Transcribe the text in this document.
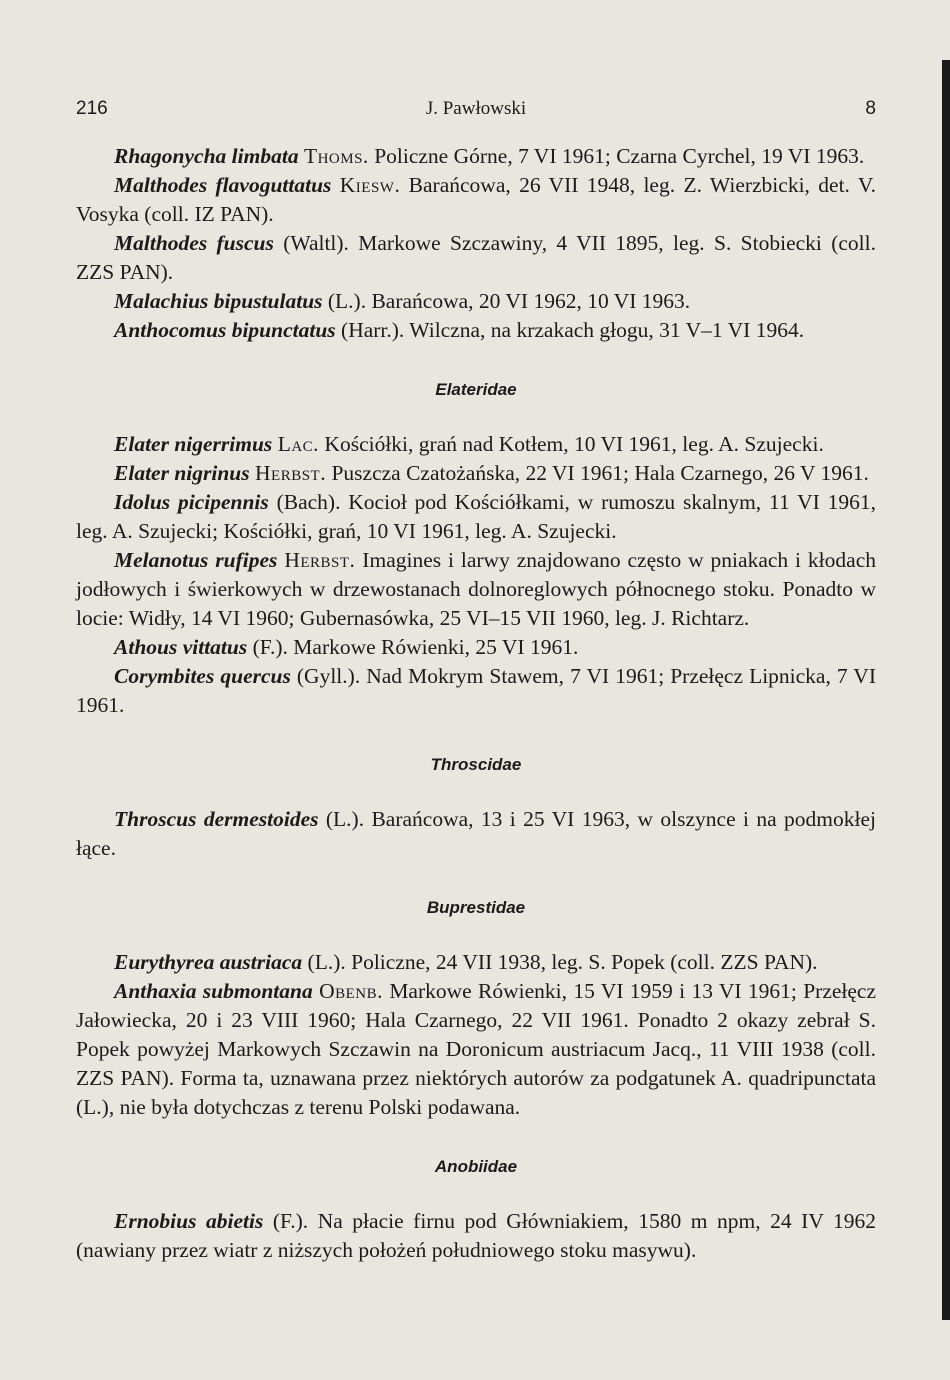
216	J. Pawłowski	8

Rhagonycha limbata Thoms. Policzne Górne, 7 VI 1961; Czarna Cyrchel, 19 VI 1963.

Malthodes flavoguttatus Kiesw. Barańcowa, 26 VII 1948, leg. Z. Wierzbicki, det. V. Vosyka (coll. IZ PAN).

Malthodes fuscus (Waltl). Markowe Szczawiny, 4 VII 1895, leg. S. Stobiecki (coll. ZZS PAN).

Malachius bipustulatus (L.). Barańcowa, 20 VI 1962, 10 VI 1963.

Anthocomus bipunctatus (Harr.). Wilczna, na krzakach głogu, 31 V–1 VI 1964.

Elateridae

Elater nigerrimus Lac. Kościółki, grań nad Kotłem, 10 VI 1961, leg. A. Szujecki.

Elater nigrinus Herbst. Puszcza Czatożańska, 22 VI 1961; Hala Czarnego, 26 V 1961.

Idolus picipennis (Bach). Kocioł pod Kościółkami, w rumoszu skalnym, 11 VI 1961, leg. A. Szujecki; Kościółki, grań, 10 VI 1961, leg. A. Szujecki.

Melanotus rufipes Herbst. Imagines i larwy znajdowano często w pniakach i kłodach jodłowych i świerkowych w drzewostanach dolnoreglowych północnego stoku. Ponadto w locie: Widły, 14 VI 1960; Gubernasówka, 25 VI–15 VII 1960, leg. J. Richtarz.

Athous vittatus (F.). Markowe Rówienki, 25 VI 1961.

Corymbites quercus (Gyll.). Nad Mokrym Stawem, 7 VI 1961; Przełęcz Lipnicka, 7 VI 1961.

Throscidae

Throscus dermestoides (L.). Barańcowa, 13 i 25 VI 1963, w olszynce i na podmokłej łące.

Buprestidae

Eurythyrea austriaca (L.). Policzne, 24 VII 1938, leg. S. Popek (coll. ZZS PAN).

Anthaxia submontana Obenb. Markowe Rówienki, 15 VI 1959 i 13 VI 1961; Przełęcz Jałowiecka, 20 i 23 VIII 1960; Hala Czarnego, 22 VII 1961. Ponadto 2 okazy zebrał S. Popek powyżej Markowych Szczawin na Doronicum austriacum Jacq., 11 VIII 1938 (coll. ZZS PAN). Forma ta, uznawana przez niektórych autorów za podgatunek A. quadripunctata (L.), nie była dotychczas z terenu Polski podawana.

Anobiidae

Ernobius abietis (F.). Na płacie firnu pod Główniakiem, 1580 m npm, 24 IV 1962 (nawiany przez wiatr z niższych położeń południowego stoku masywu).
